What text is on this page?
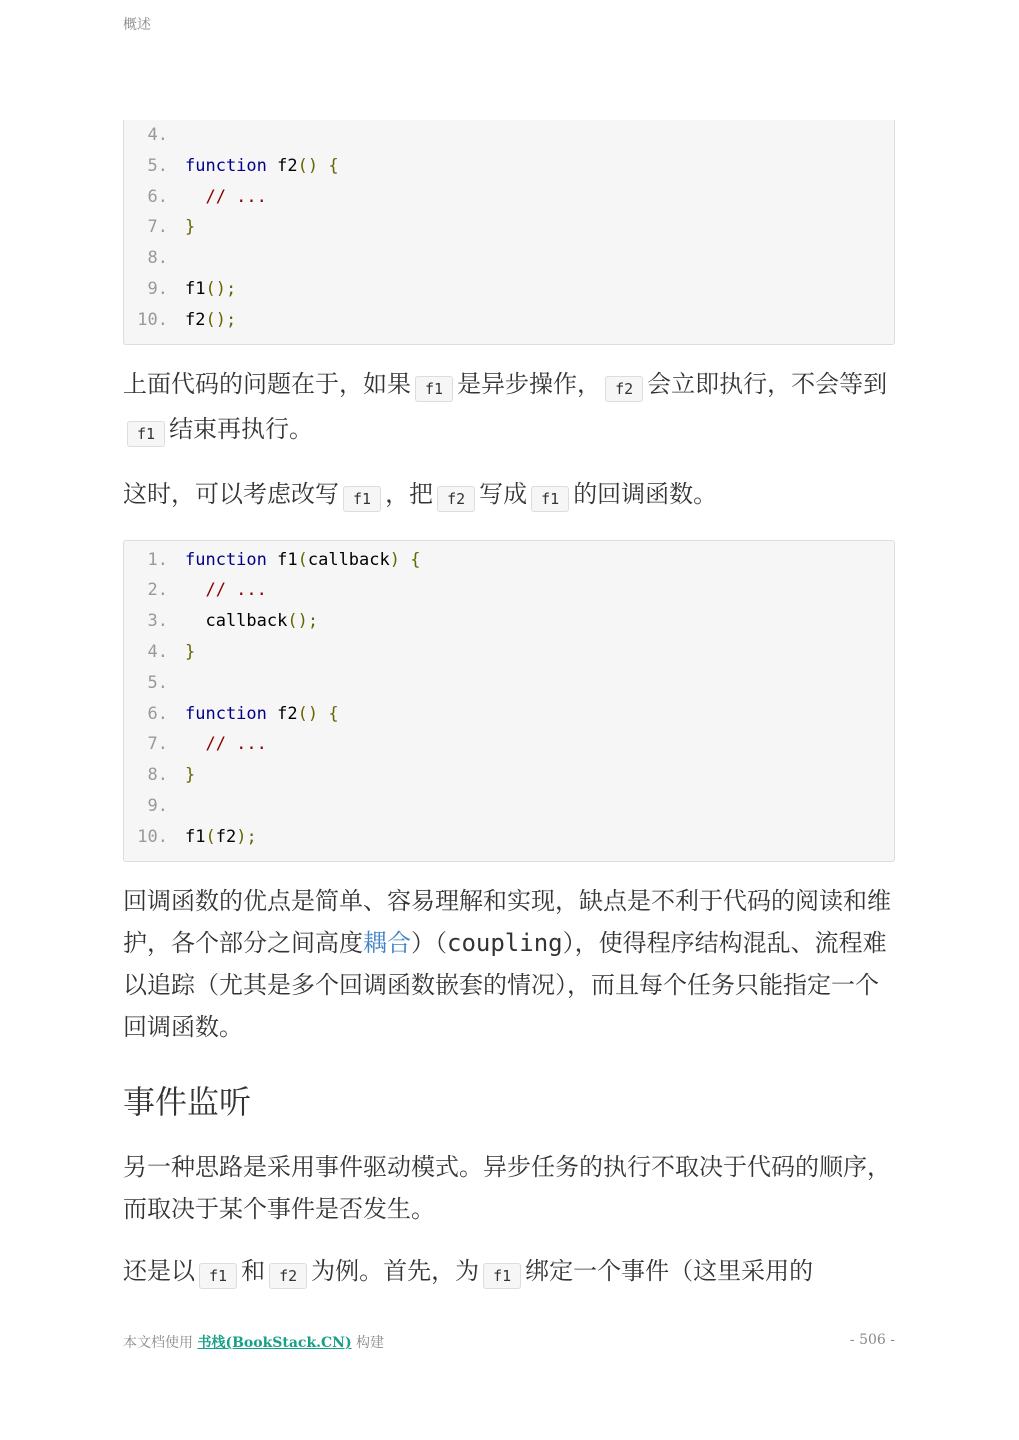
概述
4.
5.	function f2 () {
6.	// ...
7.	}
8.
9.	f1 ();
10.	f2 ();

上面代码的问题在于，如果 f1 是异步操作， f2 会立即执行，不会等到f1 结束再执行。

这时，可以考虑改写 f1 ，把 f2 写成 f1 的回调函数。

1.	function f1 ( callback ) {
2.	// ...
3.	callback ();
4.	}
5.
6.	function f2 () {
7.	// ...
8.	}
9.
10.	f1 ( f2 );

回调函数的优点是简单、容易理解和实现，缺点是不利于代码的阅读和维护，各个部分之间高度耦合）（coupling），使得程序结构混乱、流程难以追踪（尤其是多个回调函数嵌套的情况），而且每个任务只能指定一个回调函数。

事件监听

另一种思路是采用事件驱动模式。异步任务的执行不取决于代码的顺序，而取决于某个事件是否发生。

还是以 f1 和 f2 为例。首先，为 f1 绑定一个事件（这里采用的

本文档使用 书栈(BookStack.CN) 构建	- 506 -
